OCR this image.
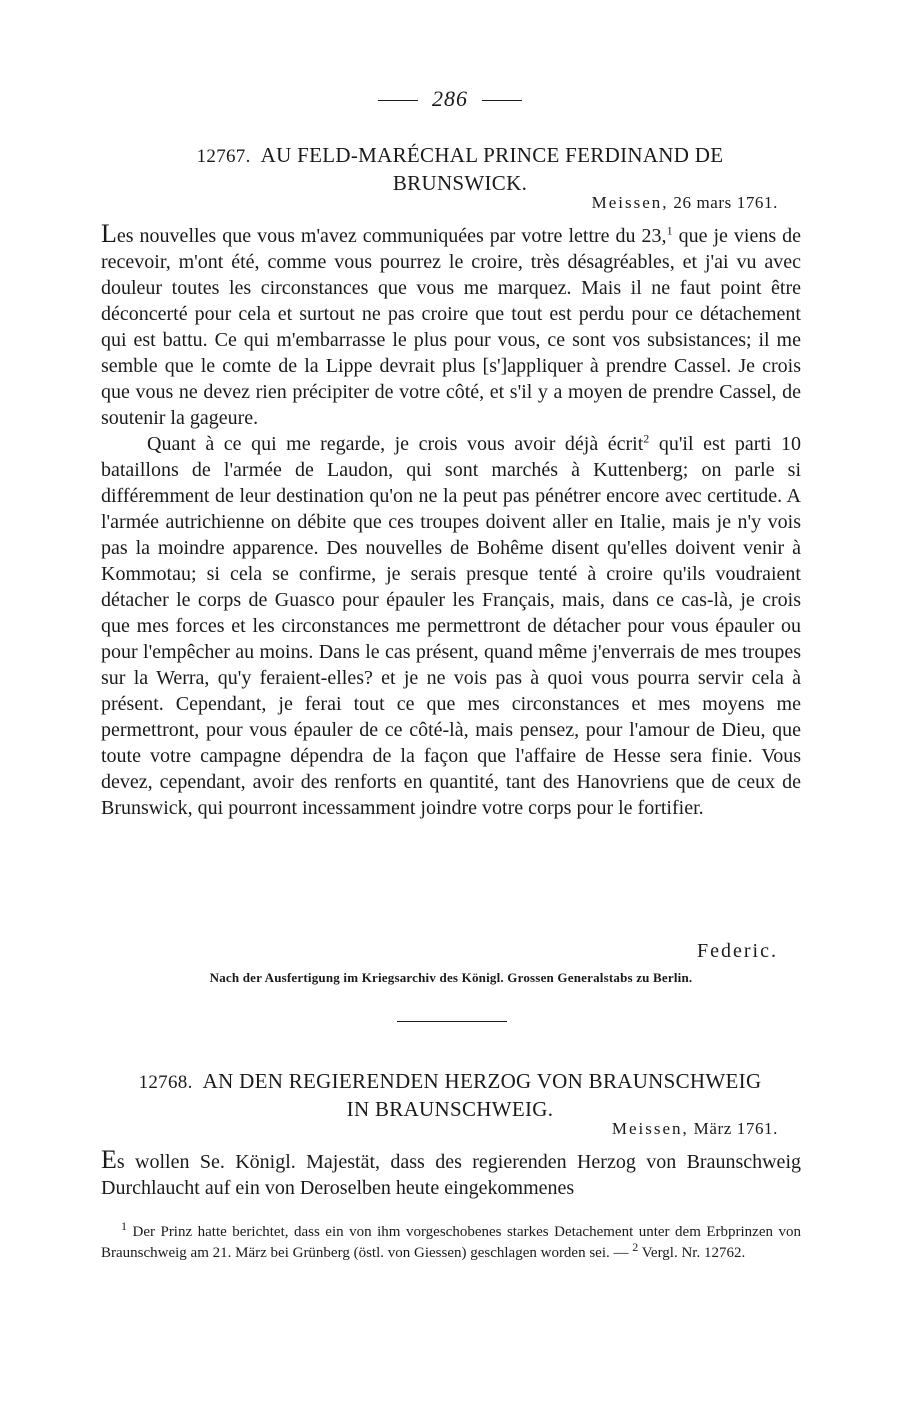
286
12767. AU FELD-MARÉCHAL PRINCE FERDINAND DE
BRUNSWICK.
Meissen, 26 mars 1761.

Les nouvelles que vous m'avez communiquées par votre lettre du 23,$^1$ que je viens de recevoir, m'ont été, comme vous pourrez le croire, très désagréables, et j'ai vu avec douleur toutes les circonstances que vous me marquez. Mais il ne faut point être déconcerté pour cela et surtout ne pas croire que tout est perdu pour ce détachement qui est battu. Ce qui m'embarrasse le plus pour vous, ce sont vos subsistances; il me semble que le comte de la Lippe devrait plus [s']appliquer à prendre Cassel. Je crois que vous ne devez rien précipiter de votre côté, et s'il y a moyen de prendre Cassel, de soutenir la gageure.

Quant à ce qui me regarde, je crois vous avoir déjà écrit$^2$ qu'il est parti 10 bataillons de l'armée de Laudon, qui sont marchés à Kuttenberg; on parle si différemment de leur destination qu'on ne la peut pas pénétrer encore avec certitude. A l'armée autrichienne on débite que ces troupes doivent aller en Italie, mais je n'y vois pas la moindre apparence. Des nouvelles de Bohême disent qu'elles doivent venir à Kommotau; si cela se confirme, je serais presque tenté à croire qu'ils voudraient détacher le corps de Guasco pour épauler les Français, mais, dans ce cas-là, je crois que mes forces et les circonstances me permettront de détacher pour vous épauler ou pour l'empêcher au moins. Dans le cas présent, quand même j'enverrais de mes troupes sur la Werra, qu'y feraient-elles? et je ne vois pas à quoi vous pourra servir cela à présent. Cependant, je ferai tout ce que mes circonstances et mes moyens me permettront, pour vous épauler de ce côté-là, mais pensez, pour l'amour de Dieu, que toute votre campagne dépendra de la façon que l'affaire de Hesse sera finie. Vous devez, cependant, avoir des renforts en quantité, tant des Hanovriens que de ceux de Brunswick, qui pourront incessamment joindre votre corps pour le fortifier.

Federic.
Nach der Ausfertigung im Kriegsarchiv des Königl. Grossen Generalstabs zu Berlin.
12768. AN DEN REGIERENDEN HERZOG VON BRAUNSCHWEIG
IN BRAUNSCHWEIG.
Meissen, März 1761.

Es wollen Se. Königl. Majestät, dass des regierenden Herzog von Braunschweig Durchlaucht auf ein von Deroselben heute eingekommenes

$^1$ Der Prinz hatte berichtet, dass ein von ihm vorgeschobenes starkes Detachement unter dem Erbprinzen von Braunschweig am 21. März bei Grünberg (östl. von Giessen) geschlagen worden sei. — $^2$ Vergl. Nr. 12762.
